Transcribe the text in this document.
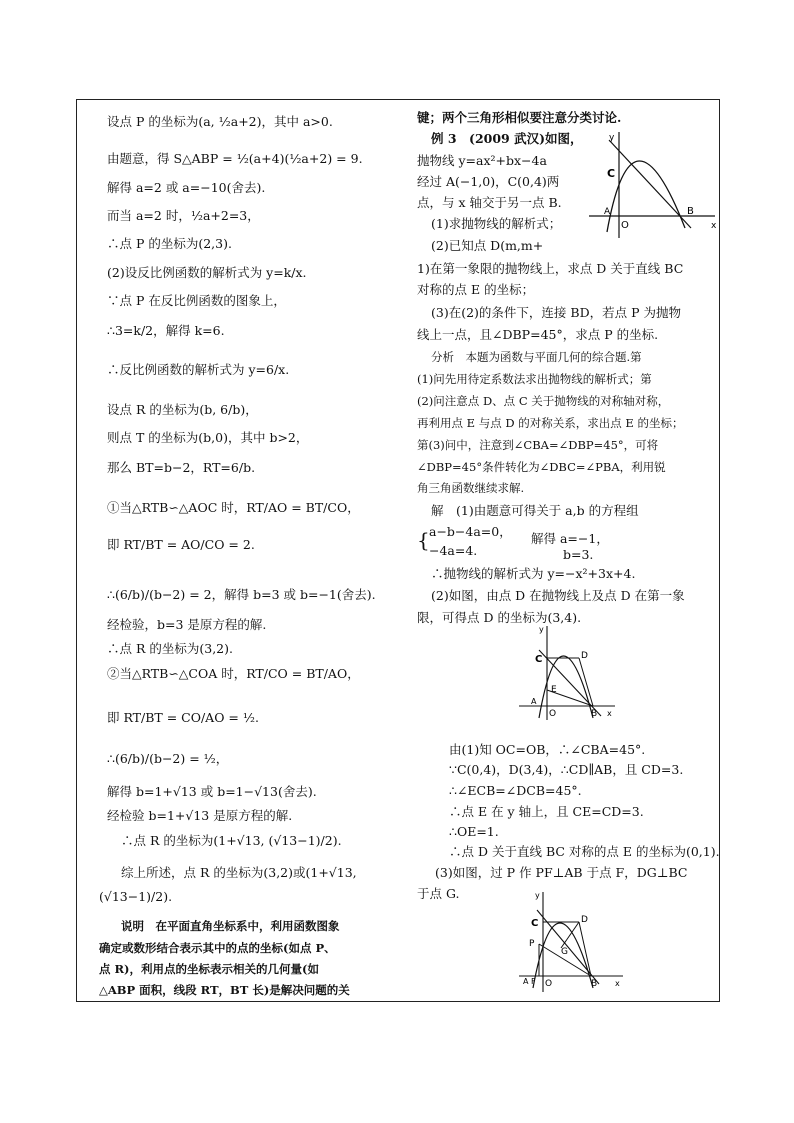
设点 P 的坐标为(a, ½a+2)，其中 a>0.
由题意，得 S△ABP = ½(a+4)(½a+2) = 9.
解得 a=2 或 a=−10(舍去).
而当 a=2 时，½a+2=3，
∴点 P 的坐标为(2,3).
(2)设反比例函数的解析式为 y=k/x.
∵点 P 在反比例函数的图象上，
∴3=k/2，解得 k=6.
∴反比例函数的解析式为 y=6/x.
设点 R 的坐标为(b, 6/b)，
则点 T 的坐标为(b,0)，其中 b>2，
那么 BT=b−2，RT=6/b.
①当△RTB∽△AOC 时，RT/AO = BT/CO，
即 RT/BT = AO/CO = 2.
∴(6/b)/(b−2) = 2，解得 b=3 或 b=−1(舍去).
经检验，b=3 是原方程的解.
∴点 R 的坐标为(3,2).
②当△RTB∽△COA 时，RT/CO = BT/AO，
即 RT/BT = CO/AO = ½.
∴(6/b)/(b−2) = ½，
解得 b=1+√13 或 b=1−√13(舍去).
经检验 b=1+√13 是原方程的解.
∴点 R 的坐标为(1+√13, (√13−1)/2).
综上所述，点 R 的坐标为(3,2)或(1+√13,
(√13−1)/2).
说明　在平面直角坐标系中，利用函数图象
确定或数形结合表示其中的点的坐标(如点 P、
点 R)，利用点的坐标表示相关的几何量(如
△ABP 面积，线段 RT，BT 长)是解决问题的关
键；两个三角形相似要注意分类讨论.
例 3　(2009 武汉)如图，
抛物线 y=ax²+bx−4a
经过 A(−1,0)，C(0,4)两
点，与 x 轴交于另一点 B.
(1)求抛物线的解析式；
(2)已知点 D(m,m+
1)在第一象限的抛物线上，求点 D 关于直线 BC
对称的点 E 的坐标；
(3)在(2)的条件下，连接 BD，若点 P 为抛物
线上一点，且∠DBP=45°，求点 P 的坐标.
分析　本题为函数与平面几何的综合题.第
(1)问先用待定系数法求出抛物线的解析式；第
(2)问注意点 D、点 C 关于抛物线的对称轴对称，
再利用点 E 与点 D 的对称关系，求出点 E 的坐标；
第(3)问中，注意到∠CBA=∠DBP=45°，可将
∠DBP=45°条件转化为∠DBC=∠PBA，利用锐
角三角函数继续求解.
解　(1)由题意可得关于 a,b 的方程组
{ a−b−4a=0，
−4a=4.
解得 a=−1，
b=3.
∴抛物线的解析式为 y=−x²+3x+4.
(2)如图，由点 D 在抛物线上及点 D 在第一象
限，可得点 D 的坐标为(3,4).
由(1)知 OC=OB，∴∠CBA=45°.
∵C(0,4)，D(3,4)，∴CD∥AB，且 CD=3.
∴∠ECB=∠DCB=45°.
∴点 E 在 y 轴上，且 CE=CD=3.
∴OE=1.
∴点 D 关于直线 BC 对称的点 E 的坐标为(0,1).
(3)如图，过 P 作 PF⊥AB 于点 F，DG⊥BC
于点 G.
y
C
A
O
B
x
y
C	D
E
A
O	B x
y
C	D
P
G
F
A O	B x
